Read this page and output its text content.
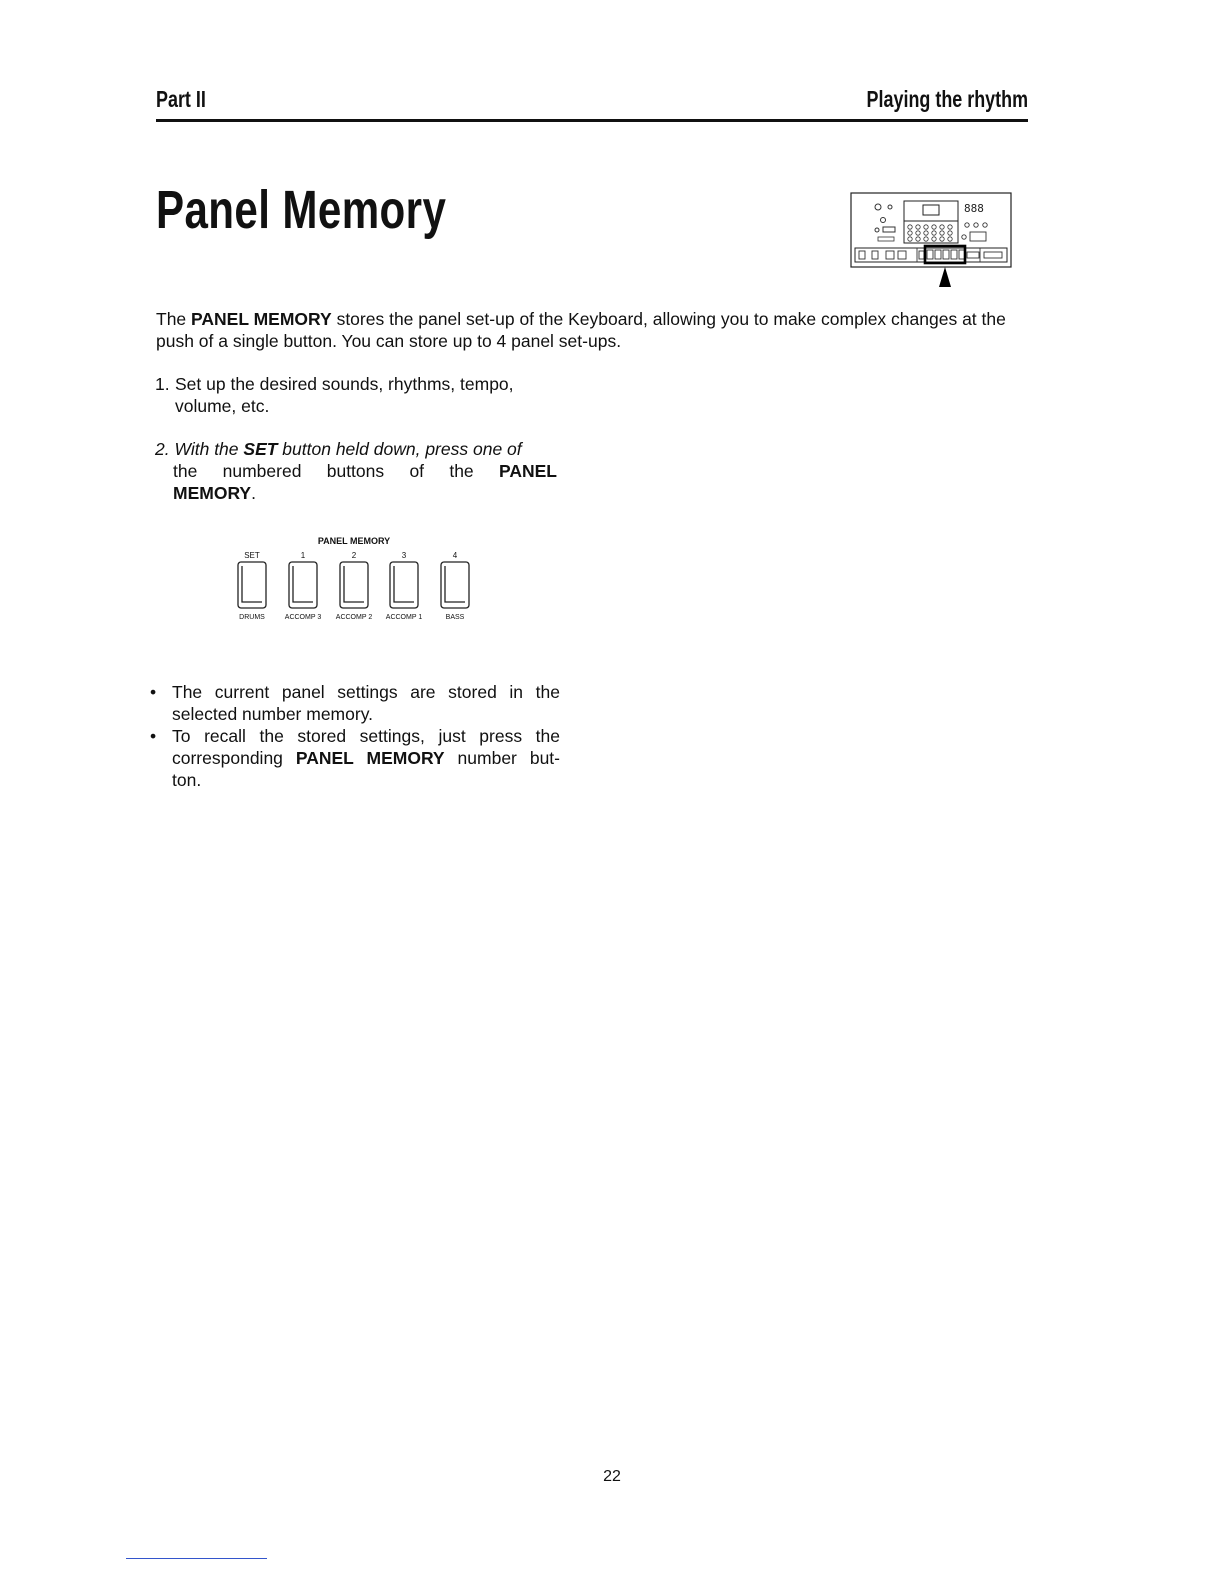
Part II	Playing the rhythm
Panel Memory	888

The PANEL MEMORY stores the panel set-up of the Keyboard, allowing you to make complex changes at the push of a single button. You can store up to 4 panel set-ups.

1. Set up the desired sounds, rhythms, tempo,
volume, etc.

2. With the SET button held down, press one of
the numbered buttons of the PANEL
MEMORY.

PANEL MEMORY
SET	1	2	3	4
DRUMS	ACCOMP 3 ACCOMP 2 ACCOMP 1	BASS
• The current panel settings are stored in the
selected number memory.
• To recall the stored settings, just press the
corresponding PANEL MEMORY number but-
ton.
22
